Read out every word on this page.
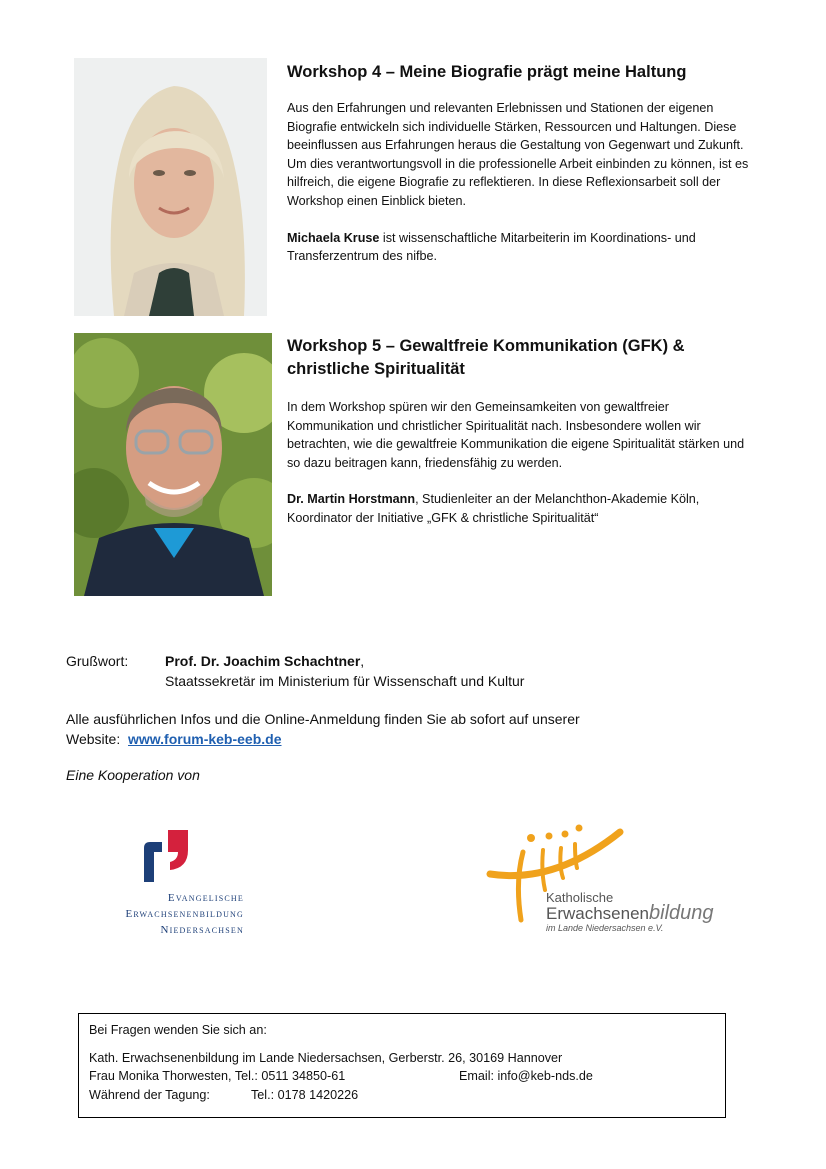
Workshop 4 – Meine Biografie prägt meine Haltung

Aus den Erfahrungen und relevanten Erlebnissen und Stationen der eigenen Biografie entwickeln sich individuelle Stärken, Ressourcen und Haltungen. Diese beeinflussen aus Erfahrungen heraus die Gestaltung von Gegenwart und Zukunft. Um dies verantwortungsvoll in die professionelle Arbeit einbinden zu können, ist es hilfreich, die eigene Biografie zu reflektieren. In diese Reflexionsarbeit soll der Workshop einen Einblick bieten.

Michaela Kruse ist wissenschaftliche Mitarbeiterin im Koordinations- und Transferzentrum des nifbe.

Workshop 5 – Gewaltfreie Kommunikation (GFK) & christliche Spiritualität

In dem Workshop spüren wir den Gemeinsamkeiten von gewaltfreier Kommunikation und christlicher Spiritualität nach. Insbesondere wollen wir betrachten, wie die gewaltfreie Kommunikation die eigene Spiritualität stärken und so dazu beitragen kann, friedensfähig zu werden.

Dr. Martin Horstmann, Studienleiter an der Melanchthon-Akademie Köln, Koordinator der Initiative „GFK & christliche Spiritualität“

Grußwort:	Prof. Dr. Joachim Schachtner,
Staatssekretär im Ministerium für Wissenschaft und Kultur
Alle ausführlichen Infos und die Online-Anmeldung finden Sie ab sofort auf unserer
Website: www.forum-keb-eeb.de
Eine Kooperation von
Evangelische
Erwachsenenbildung
Niedersachsen
Katholische
Erwachsenenbildung
im Lande Niedersachsen e.V.
Bei Fragen wenden Sie sich an:
Kath. Erwachsenenbildung im Lande Niedersachsen, Gerberstr. 26, 30169 Hannover
Frau Monika Thorwesten, Tel.: 0511 34850-61	Email: info@keb-nds.de
Während der Tagung:	Tel.: 0178 1420226
